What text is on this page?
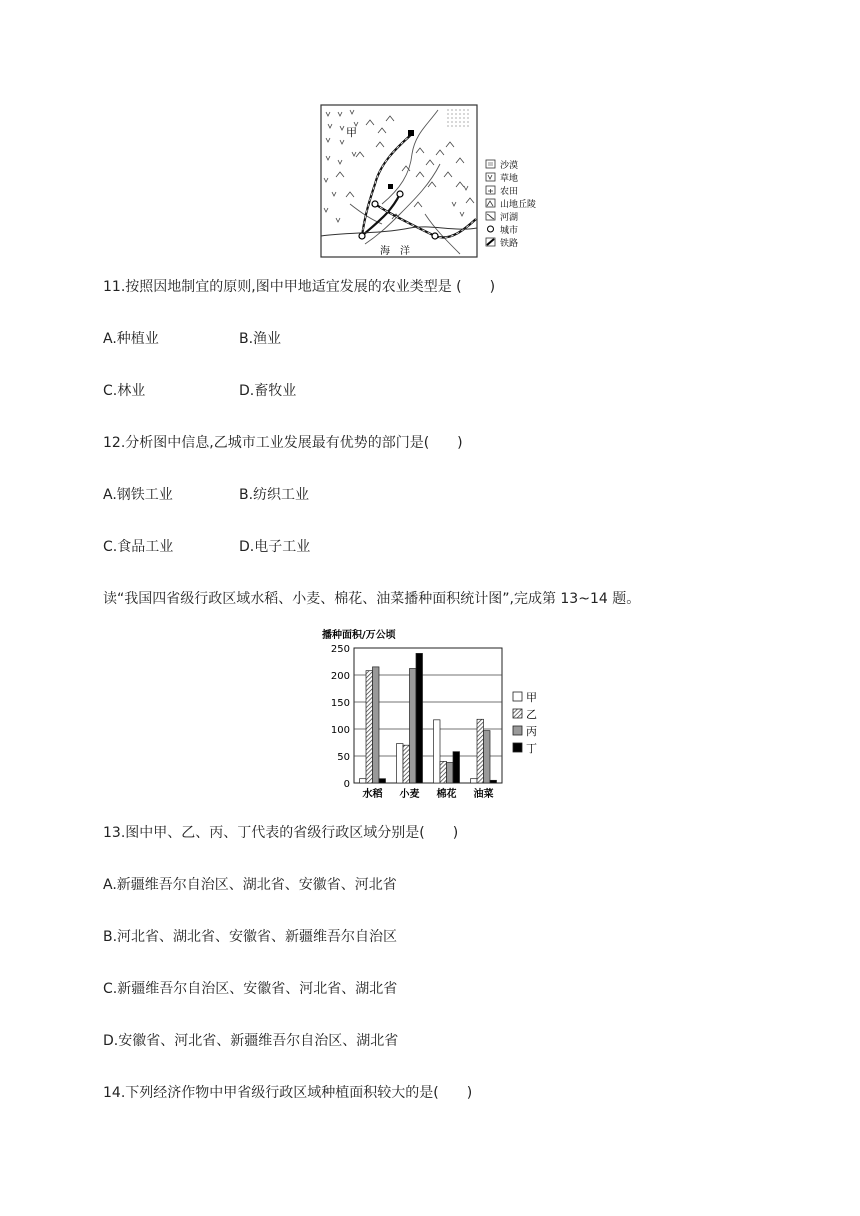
甲
海　洋
沙漠
草地
农田
山地丘陵
河湖
城市
铁路
11.按照因地制宜的原则,图中甲地适宜发展的农业类型是 (　　)
A.种植业	B.渔业
C.林业	D.畜牧业
12.分析图中信息,乙城市工业发展最有优势的部门是(　　)
A.钢铁工业	B.纺织工业
C.食品工业	D.电子工业
读“我国四省级行政区域水稻、小麦、棉花、油菜播种面积统计图”,完成第 13~14 题。
播种面积/万公顷
0
50
100
150
200
250
水稻 小麦 棉花 油菜
甲
乙
丙
丁
13.图中甲、乙、丙、丁代表的省级行政区域分别是(　　)
A.新疆维吾尔自治区、湖北省、安徽省、河北省
B.河北省、湖北省、安徽省、新疆维吾尔自治区
C.新疆维吾尔自治区、安徽省、河北省、湖北省
D.安徽省、河北省、新疆维吾尔自治区、湖北省
14.下列经济作物中甲省级行政区域种植面积较大的是(　　)
